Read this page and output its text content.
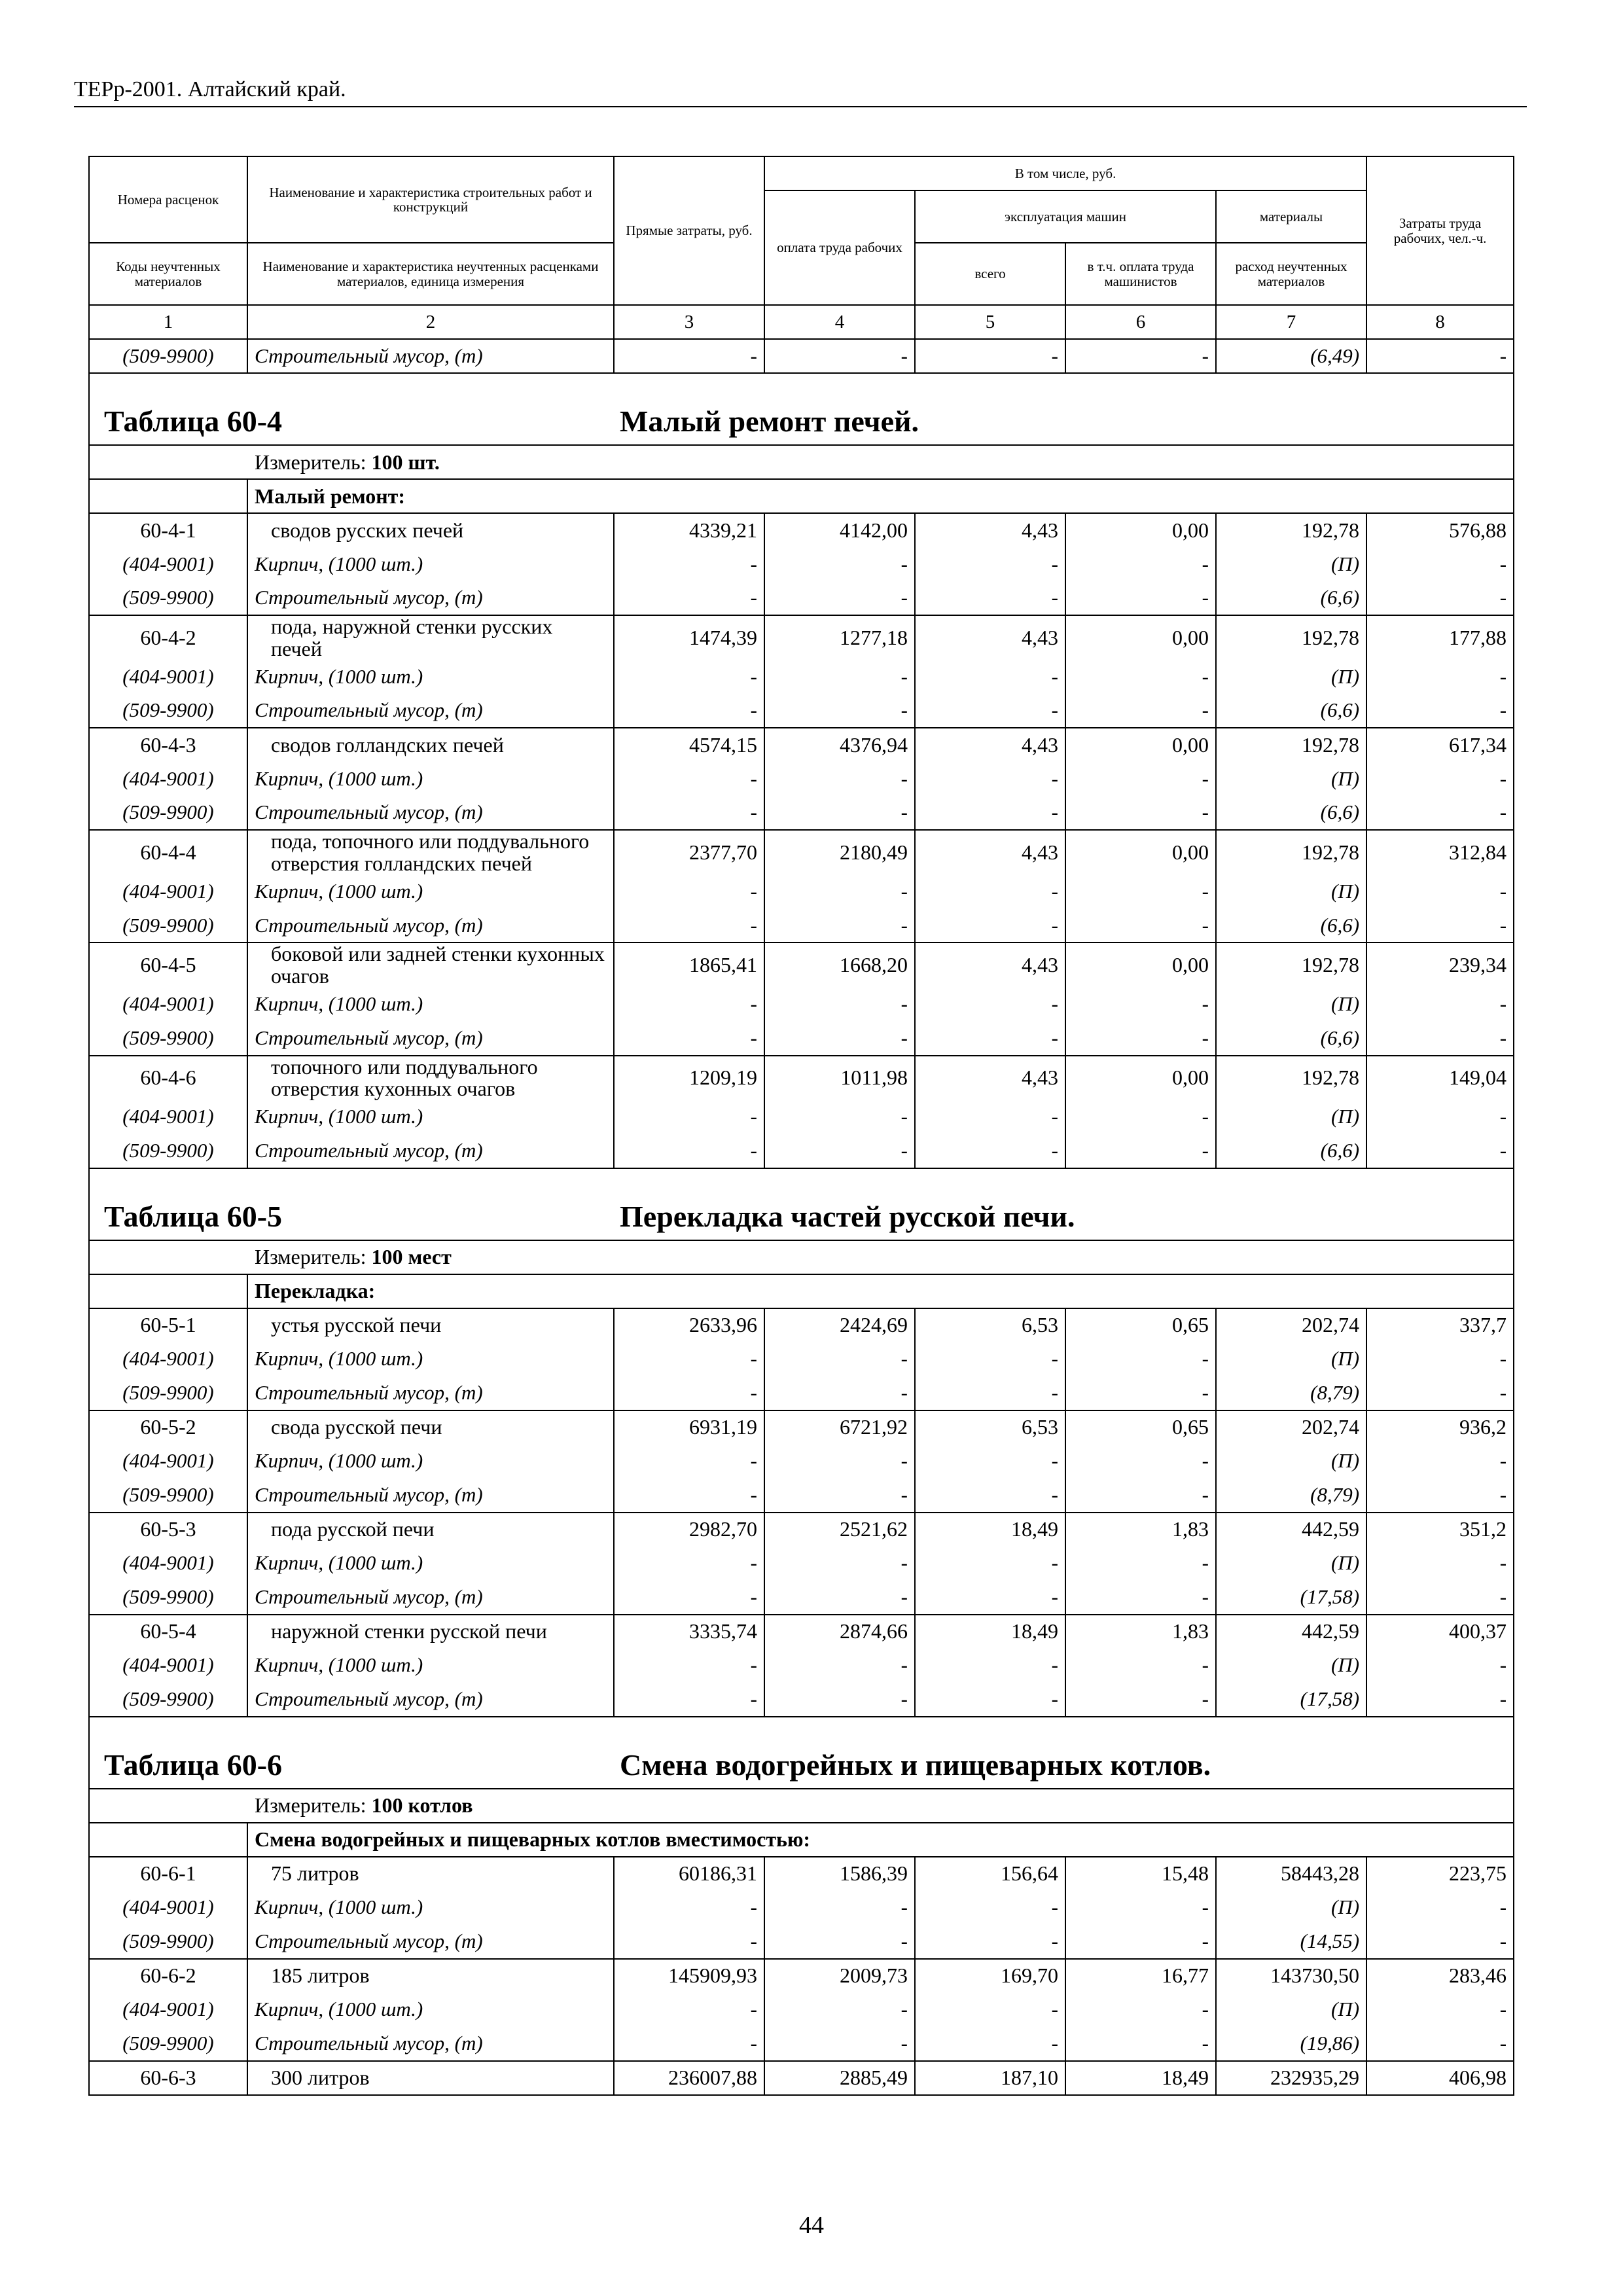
ТЕРр-2001. Алтайский край.
Номера расценок	Наименование и характеристика строительных работ и конструкций	Прямые затраты, руб.	В том числе, руб.				Затраты труда рабочих, чел.-ч.
			оплата труда рабочих	эксплуатация машин		материалы	
Коды неучтенных материалов	Наименование и характеристика неучтенных расценками материалов, единица измерения			всего	в т.ч. оплата труда машинистов	расход неучтенных материалов	
1	2	3	4	5	6	7	8
(509-9900)	Строительный мусор, (т)	-	-	-	-	(6,49)	-

Таблица 60-4 Малый ремонт печей.							

Измеритель: 100 шт.							
	Малый ремонт:						
60-4-1	сводов русских печей	4339,21	4142,00	4,43	0,00	192,78	576,88
(404-9001)	Кирпич, (1000 шт.)	-	-	-	-	(П)	-
(509-9900)	Строительный мусор, (т)	-	-	-	-	(6,6)	-
60-4-2	пода, наружной стенки русских печей	1474,39	1277,18	4,43	0,00	192,78	177,88
(404-9001)	Кирпич, (1000 шт.)	-	-	-	-	(П)	-
(509-9900)	Строительный мусор, (т)	-	-	-	-	(6,6)	-
60-4-3	сводов голландских печей	4574,15	4376,94	4,43	0,00	192,78	617,34
(404-9001)	Кирпич, (1000 шт.)	-	-	-	-	(П)	-
(509-9900)	Строительный мусор, (т)	-	-	-	-	(6,6)	-
60-4-4	пода, топочного или поддувального отверстия голландских печей	2377,70	2180,49	4,43	0,00	192,78	312,84
(404-9001)	Кирпич, (1000 шт.)	-	-	-	-	(П)	-
(509-9900)	Строительный мусор, (т)	-	-	-	-	(6,6)	-
60-4-5	боковой или задней стенки кухонных очагов	1865,41	1668,20	4,43	0,00	192,78	239,34
(404-9001)	Кирпич, (1000 шт.)	-	-	-	-	(П)	-
(509-9900)	Строительный мусор, (т)	-	-	-	-	(6,6)	-
60-4-6	топочного или поддувального отверстия кухонных очагов	1209,19	1011,98	4,43	0,00	192,78	149,04
(404-9001)	Кирпич, (1000 шт.)	-	-	-	-	(П)	-
(509-9900)	Строительный мусор, (т)	-	-	-	-	(6,6)	-

Таблица 60-5 Перекладка частей русской печи.							

Измеритель: 100 мест							
	Перекладка:						
60-5-1	устья русской печи	2633,96	2424,69	6,53	0,65	202,74	337,7
(404-9001)	Кирпич, (1000 шт.)	-	-	-	-	(П)	-
(509-9900)	Строительный мусор, (т)	-	-	-	-	(8,79)	-
60-5-2	свода русской печи	6931,19	6721,92	6,53	0,65	202,74	936,2
(404-9001)	Кирпич, (1000 шт.)	-	-	-	-	(П)	-
(509-9900)	Строительный мусор, (т)	-	-	-	-	(8,79)	-
60-5-3	пода русской печи	2982,70	2521,62	18,49	1,83	442,59	351,2
(404-9001)	Кирпич, (1000 шт.)	-	-	-	-	(П)	-
(509-9900)	Строительный мусор, (т)	-	-	-	-	(17,58)	-
60-5-4	наружной стенки русской печи	3335,74	2874,66	18,49	1,83	442,59	400,37
(404-9001)	Кирпич, (1000 шт.)	-	-	-	-	(П)	-
(509-9900)	Строительный мусор, (т)	-	-	-	-	(17,58)	-

Таблица 60-6 Смена водогрейных и пищеварных котлов.							

Измеритель: 100 котлов							
	Смена водогрейных и пищеварных котлов вместимостью:						
60-6-1	75 литров	60186,31	1586,39	156,64	15,48	58443,28	223,75
(404-9001)	Кирпич, (1000 шт.)	-	-	-	-	(П)	-
(509-9900)	Строительный мусор, (т)	-	-	-	-	(14,55)	-
60-6-2	185 литров	145909,93	2009,73	169,70	16,77	143730,50	283,46
(404-9001)	Кирпич, (1000 шт.)	-	-	-	-	(П)	-
(509-9900)	Строительный мусор, (т)	-	-	-	-	(19,86)	-
60-6-3	300 литров	236007,88	2885,49	187,10	18,49	232935,29	406,98
44
